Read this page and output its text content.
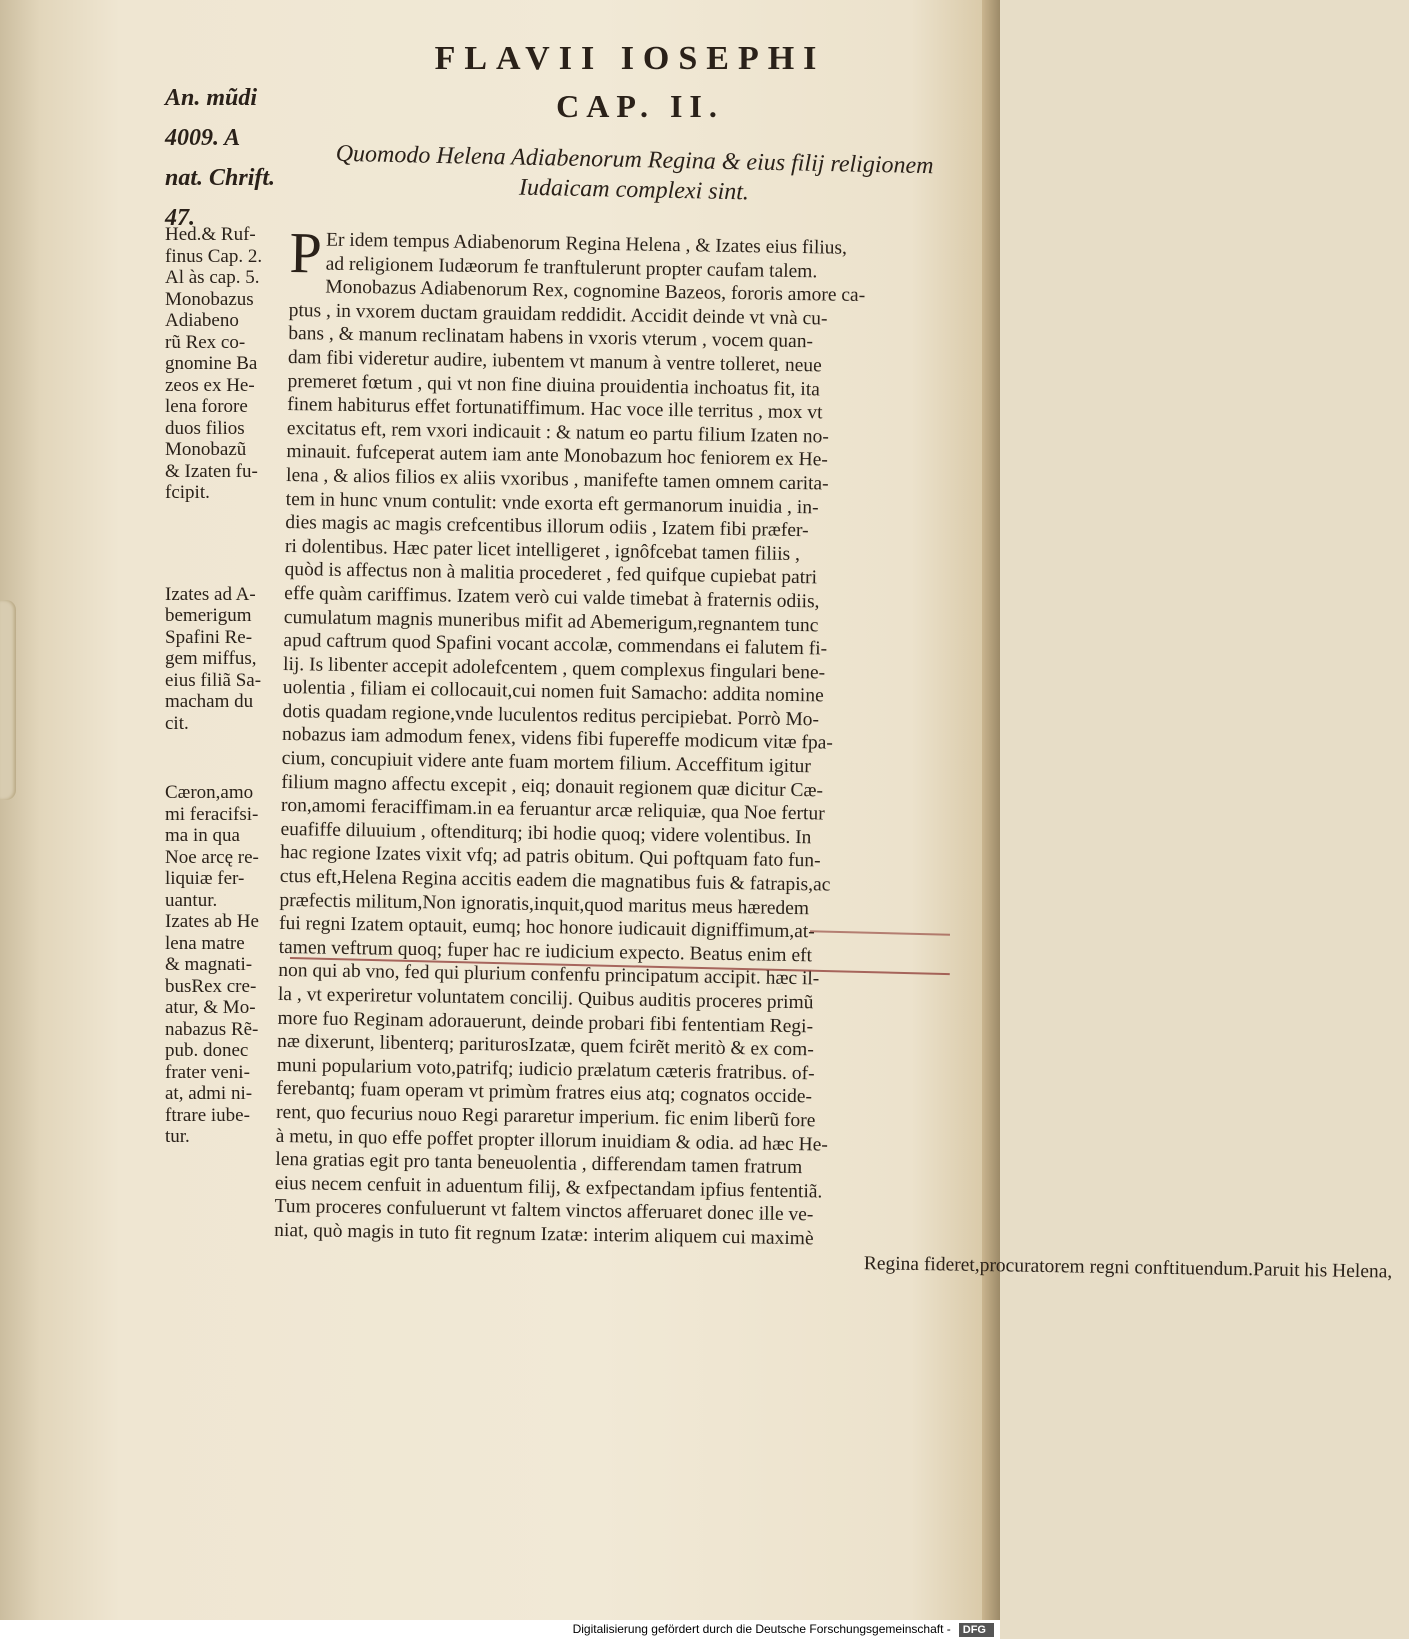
FLAVII IOSEPHI
CAP. II.
Quomodo Helena Adiabenorum Regina & eius filij religionem
Iudaicam complexi sint.
An. mũdi
4009. A
nat. Chrift.
47.
Hed.& Ruf-
finus Cap. 2.
Al às cap. 5.
Monobazus
Adiabeno
rũ Rex co-
gnomine Ba
zeos ex He-
lena forore
duos filios
Monobazũ
& Izaten fu-
fcipit.
Izates ad A-
bemerigum
Spafini Re-
gem miffus,
eius filiã Sa-
macham du
cit.
Cæron,amo
mi feracifsi-
ma in qua
Noe arcę re-
liquiæ fer-
uantur.
Izates ab He
lena matre
& magnati-
busRex cre-
atur, & Mo-
nabazus Rẽ-
pub. donec
frater veni-
at, admi ni-
ftrare iube-
tur.
P Er idem tempus Adiabenorum Regina Helena , & Izates eius filius,
ad religionem Iudæorum fe tranftulerunt propter caufam talem.
Monobazus Adiabenorum Rex, cognomine Bazeos, fororis amore ca-
ptus , in vxorem ductam grauidam reddidit. Accidit deinde vt vnà cu-
bans , & manum reclinatam habens in vxoris vterum , vocem quan-
dam fibi videretur audire, iubentem vt manum à ventre tolleret, neue
premeret fœtum , qui vt non fine diuina prouidentia inchoatus fit, ita
finem habiturus effet fortunatiffimum. Hac voce ille territus , mox vt
excitatus eft, rem vxori indicauit : & natum eo partu filium Izaten no-
minauit. fufceperat autem iam ante Monobazum hoc feniorem ex He-
lena , & alios filios ex aliis vxoribus , manifefte tamen omnem carita-
tem in hunc vnum contulit: vnde exorta eft germanorum inuidia , in-
dies magis ac magis crefcentibus illorum odiis , Izatem fibi præfer-
ri dolentibus. Hæc pater licet intelligeret , ignôfcebat tamen filiis ,
quòd is affectus non à malitia procederet , fed quifque cupiebat patri
effe quàm cariffimus. Izatem verò cui valde timebat à fraternis odiis,
cumulatum magnis muneribus mifit ad Abemerigum,regnantem tunc
apud caftrum quod Spafini vocant accolæ, commendans ei falutem fi-
lij. Is libenter accepit adolefcentem , quem complexus fingulari bene-
uolentia , filiam ei collocauit,cui nomen fuit Samacho: addita nomine
dotis quadam regione,vnde luculentos reditus percipiebat. Porrò Mo-
nobazus iam admodum fenex, videns fibi fupereffe modicum vitæ fpa-
cium, concupiuit videre ante fuam mortem filium. Acceffitum igitur
filium magno affectu excepit , eiq; donauit regionem quæ dicitur Cæ-
ron,amomi feraciffimam.in ea feruantur arcæ reliquiæ, qua Noe fertur
euafiffe diluuium , oftenditurq; ibi hodie quoq; videre volentibus. In
hac regione Izates vixit vfq; ad patris obitum. Qui poftquam fato fun-
ctus eft,Helena Regina accitis eadem die magnatibus fuis & fatrapis,ac
præfectis militum,Non ignoratis,inquit,quod maritus meus hæredem
fui regni Izatem optauit, eumq; hoc honore iudicauit digniffimum,at-
tamen veftrum quoq; fuper hac re iudicium expecto. Beatus enim eft
non qui ab vno, fed qui plurium confenfu principatum accipit. hæc il-
la , vt experiretur voluntatem concilij. Quibus auditis proceres primũ
more fuo Reginam adorauerunt, deinde probari fibi fententiam Regi-
næ dixerunt, libenterq; pariturosIzatæ, quem fcirẽt meritò & ex com-
muni popularium voto,patrifq; iudicio prælatum cæteris fratribus. of-
ferebantq; fuam operam vt primùm fratres eius atq; cognatos occide-
rent, quo fecurius nouo Regi pararetur imperium. fic enim liberũ fore
à metu, in quo effe poffet propter illorum inuidiam & odia. ad hæc He-
lena gratias egit pro tanta beneuolentia , differendam tamen fratrum
eius necem cenfuit in aduentum filij, & exfpectandam ipfius fententiã.
Tum proceres confuluerunt vt faltem vinctos afferuaret donec ille ve-
niat, quò magis in tuto fit regnum Izatæ: interim aliquem cui maximè
Regina fideret,procuratorem regni conftituendum.Paruit his Helena,
Digitalisierung gefördert durch die Deutsche Forschungsgemeinschaft - DFG
